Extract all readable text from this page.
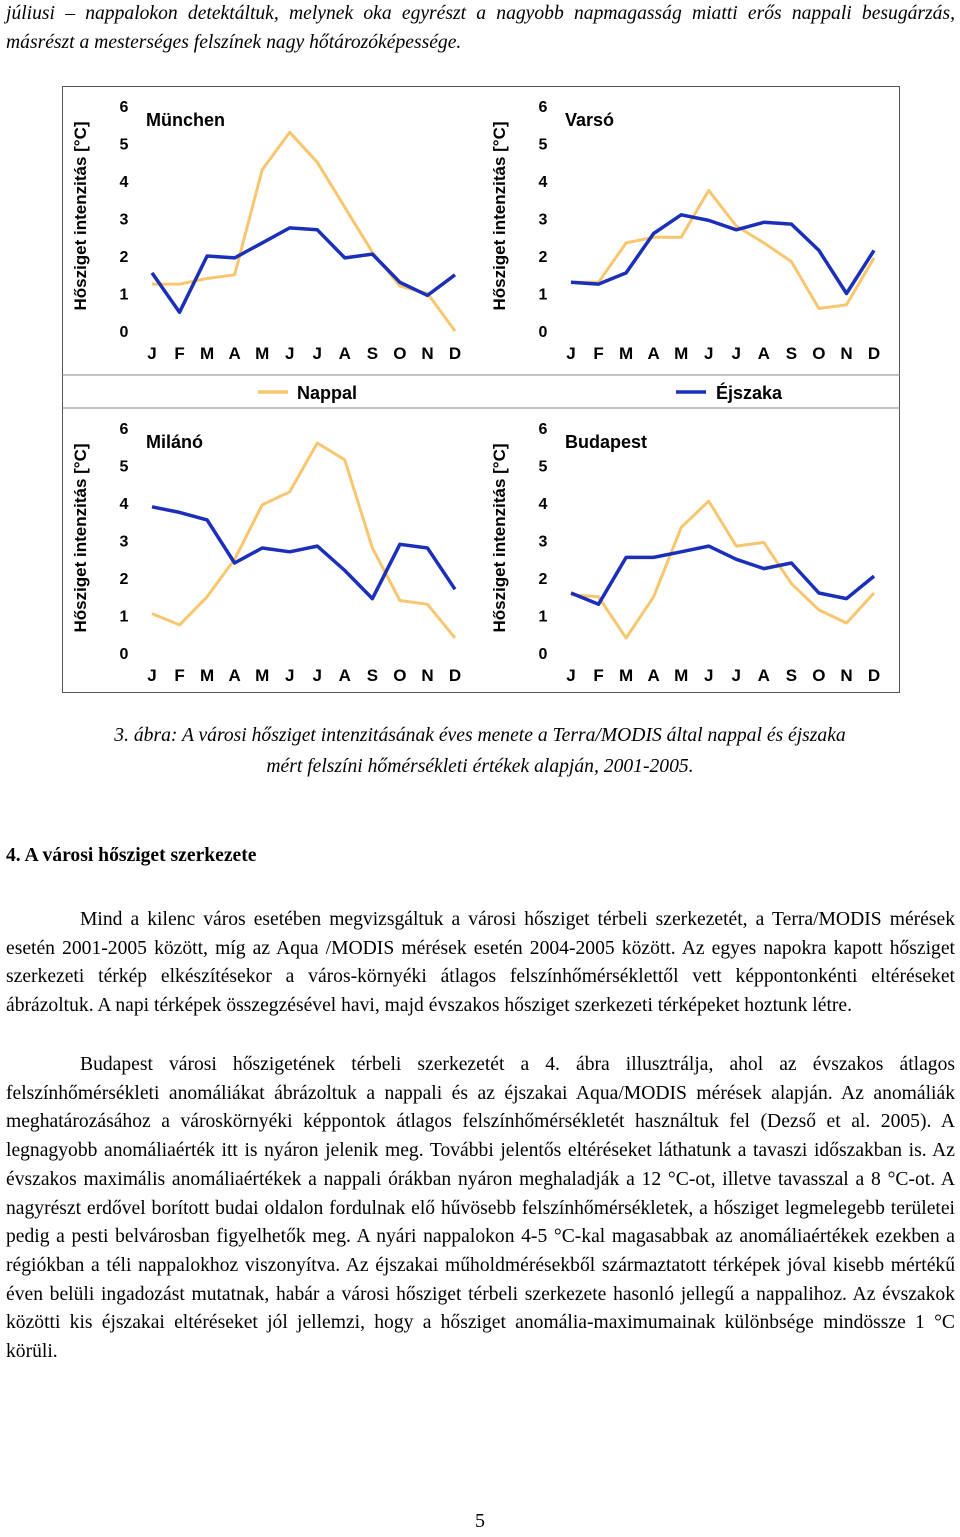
júliusi – nappalokon detektáltuk, melynek oka egyrészt a nagyobb napmagasság miatti erős nappali besugárzás, másrészt a mesterséges felszínek nagy hőtározóképessége.

Nappal	Éjszaka
Hősziget intenzitás [°C]
0
1
2
3
4
5
6
J F M A M J J A S O N D
München
Hősziget intenzitás [°C]
0
1
2
3
4
5
6
J F M A M J J A S O N D
Varsó
Hősziget intenzitás [°C]
0
1
2
3
4
5
6
J F M A M J J A S O N D
Milánó
Hősziget intenzitás [°C]
0
1
2
3
4
5
6
J F M A M J J A S O N D
Budapest

3. ábra: A városi hősziget intenzitásának éves menete a Terra/MODIS által nappal és éjszaka
mért felszíni hőmérsékleti értékek alapján, 2001-2005.

4. A városi hősziget szerkezete

Mind a kilenc város esetében megvizsgáltuk a városi hősziget térbeli szerkezetét, a Terra/MODIS mérések esetén 2001-2005 között, míg az Aqua /MODIS mérések esetén 2004-2005 között. Az egyes napokra kapott hősziget szerkezeti térkép elkészítésekor a város-környéki átlagos felszínhőmérséklettől vett képpontonkénti eltéréseket ábrázoltuk. A napi térképek összegzésével havi, majd évszakos hősziget szerkezeti térképeket hoztunk létre.

Budapest városi hőszigetének térbeli szerkezetét a 4. ábra illusztrálja, ahol az évszakos átlagos felszínhőmérsékleti anomáliákat ábrázoltuk a nappali és az éjszakai Aqua/MODIS mérések alapján. Az anomáliák meghatározásához a városkörnyéki képpontok átlagos felszínhőmérsékletét használtuk fel (Dezső et al. 2005). A legnagyobb anomáliaérték itt is nyáron jelenik meg. További jelentős eltéréseket láthatunk a tavaszi időszakban is. Az évszakos maximális anomáliaértékek a nappali órákban nyáron meghaladják a 12 °C-ot, illetve tavasszal a 8 °C-ot. A nagyrészt erdővel borított budai oldalon fordulnak elő hűvösebb felszínhőmérsékletek, a hősziget legmelegebb területei pedig a pesti belvárosban figyelhetők meg. A nyári nappalokon 4-5 °C-kal magasabbak az anomáliaértékek ezekben a régiókban a téli nappalokhoz viszonyítva. Az éjszakai műholdmérésekből származtatott térképek jóval kisebb mértékű éven belüli ingadozást mutatnak, habár a városi hősziget térbeli szerkezete hasonló jellegű a nappalihoz. Az évszakok közötti kis éjszakai eltéréseket jól jellemzi, hogy a hősziget anomália-maximumainak különbsége mindössze 1 °C körüli.

5
